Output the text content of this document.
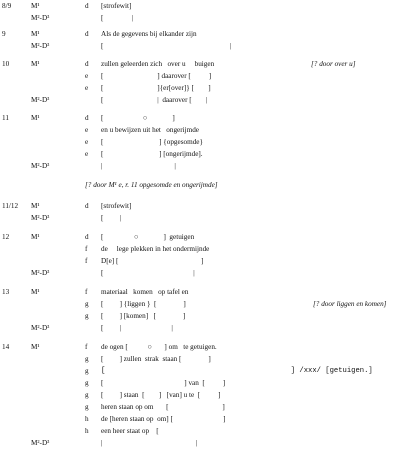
8/9	M¹	d [strofewit]
M²-D³	[	|
9	M¹	d Als de gegevens bij elkander zijn
M²-D³	[	|
10	M¹	d zullen geleerden zich   over u     buigen	[? door over u]
e [                              ] daarover [          ]
e [                              ]{er[over]} [        ]
M²-D³	[                              |  daarover [        |
11	M¹	d [                      ○              ]
e en u bewijzen uit het   ongerijmde
e [                               ] {opgesomde}
e [                               ] [ongerijmde].
M²-D³	|                                        |
[? door M¹ e, r. 11 opgesomde en ongerijmde]
11/12 M¹	d [strofewit]
M²-D³	[         |
12	M¹	d [                 ○              ]  getuigen
f de     lege plekken in het ondermijnde
f D[e] [                                              ]
M²-D³	[                                                  |
13	M¹	f materiaal   komen   op tafel en
g [         ] {liggen }  [               ]	[? door liggen en komen]
g [         ] [komen]   [               ]
M²-D³	[         |                            |
14	M¹	f de ogen [           ○       ] om   te getuigen.
g [         ] zullen  strak  staan [               ]
g [                                           ] /xxx/ [getuigen.]
g [                                             ] van  [          ]
g [         ] staan  [        ]   [van] u te  [          ]
g heren staan op om       [                              ]
h de [heren staan op  om] [                            ]
h een heer staat op    [
M²-D³	|                                                    |
